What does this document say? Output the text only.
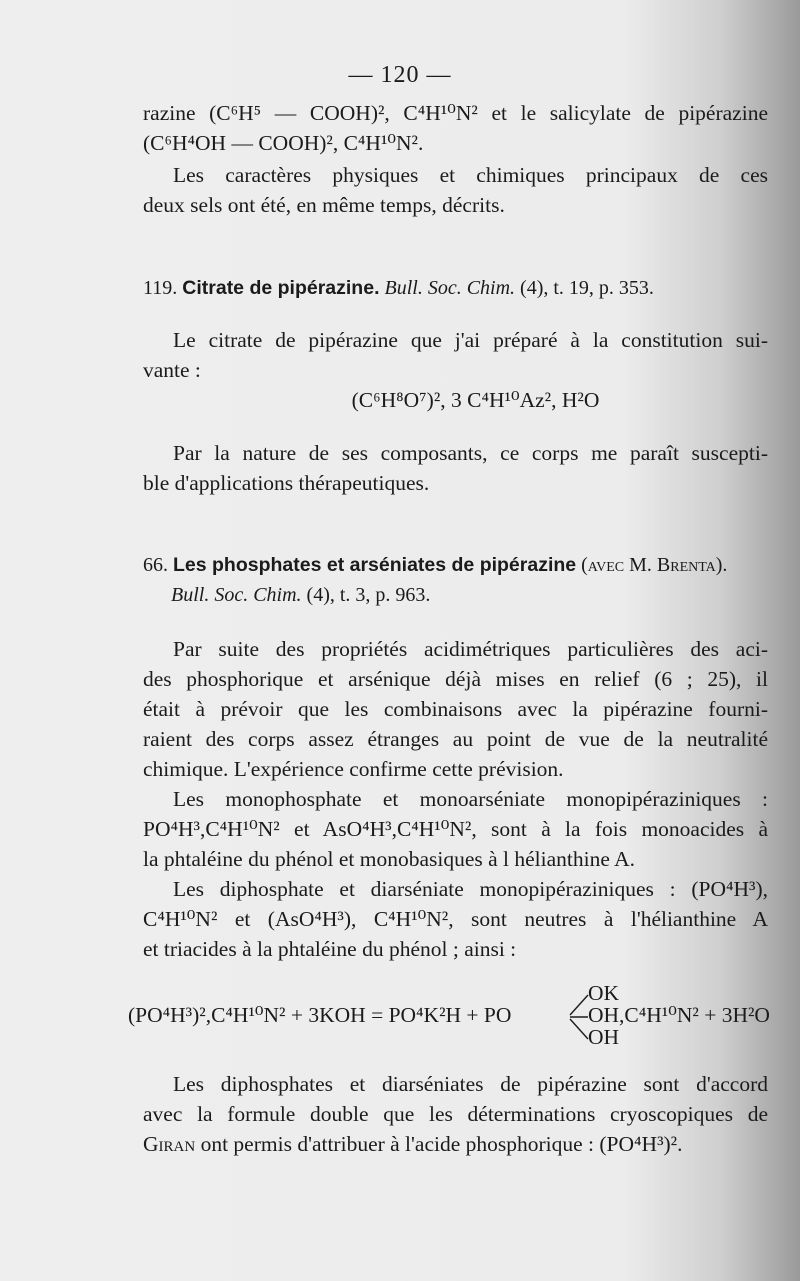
— 120 —

razine (C⁶H⁵ — COOH)², C⁴H¹⁰N² et le salicylate de pipérazine

(C⁶H⁴OH — COOH)², C⁴H¹⁰N².

Les caractères physiques et chimiques principaux de ces

deux sels ont été, en même temps, décrits.

119. Citrate de pipérazine. Bull. Soc. Chim. (4), t. 19, p. 353.

Le citrate de pipérazine que j'ai préparé à la constitution sui-

vante :

(C⁶H⁸O⁷)², 3 C⁴H¹⁰Az², H²O

Par la nature de ses composants, ce corps me paraît suscepti-

ble d'applications thérapeutiques.

66. Les phosphates et arséniates de pipérazine (avec M. Brenta).

Bull. Soc. Chim. (4), t. 3, p. 963.

Par suite des propriétés acidimétriques particulières des aci-

des phosphorique et arsénique déjà mises en relief (6 ; 25), il

était à prévoir que les combinaisons avec la pipérazine fourni-

raient des corps assez étranges au point de vue de la neutralité

chimique. L'expérience confirme cette prévision.

Les monophosphate et monoarséniate monopipéraziniques :

PO⁴H³,C⁴H¹⁰N² et AsO⁴H³,C⁴H¹⁰N², sont à la fois monoacides à

la phtaléine du phénol et monobasiques à l hélianthine A.

Les diphosphate et diarséniate monopipéraziniques : (PO⁴H³),

C⁴H¹⁰N² et (AsO⁴H³), C⁴H¹⁰N², sont neutres à l'hélianthine A

et triacides à la phtaléine du phénol ; ainsi :

(PO⁴H³)²,C⁴H¹⁰N² + 3KOH = PO⁴K²H + PO
OK
OH,C⁴H¹⁰N² + 3H²O
OH

Les diphosphates et diarséniates de pipérazine sont d'accord

avec la formule double que les déterminations cryoscopiques de

Giran ont permis d'attribuer à l'acide phosphorique : (PO⁴H³)².
